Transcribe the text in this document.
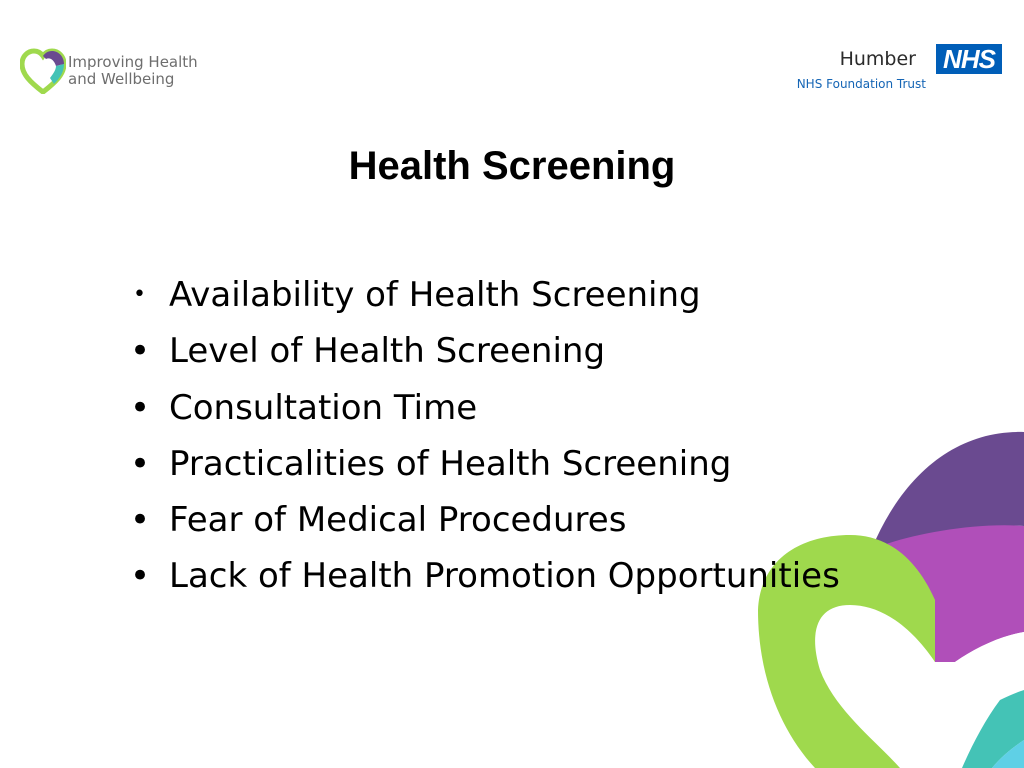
Improving Health
and Wellbeing
Humber NHS
NHS Foundation Trust
Health Screening
• Availability of Health Screening
• Level of Health Screening
• Consultation Time
• Practicalities of Health Screening
• Fear of Medical Procedures
• Lack of Health Promotion Opportunities
